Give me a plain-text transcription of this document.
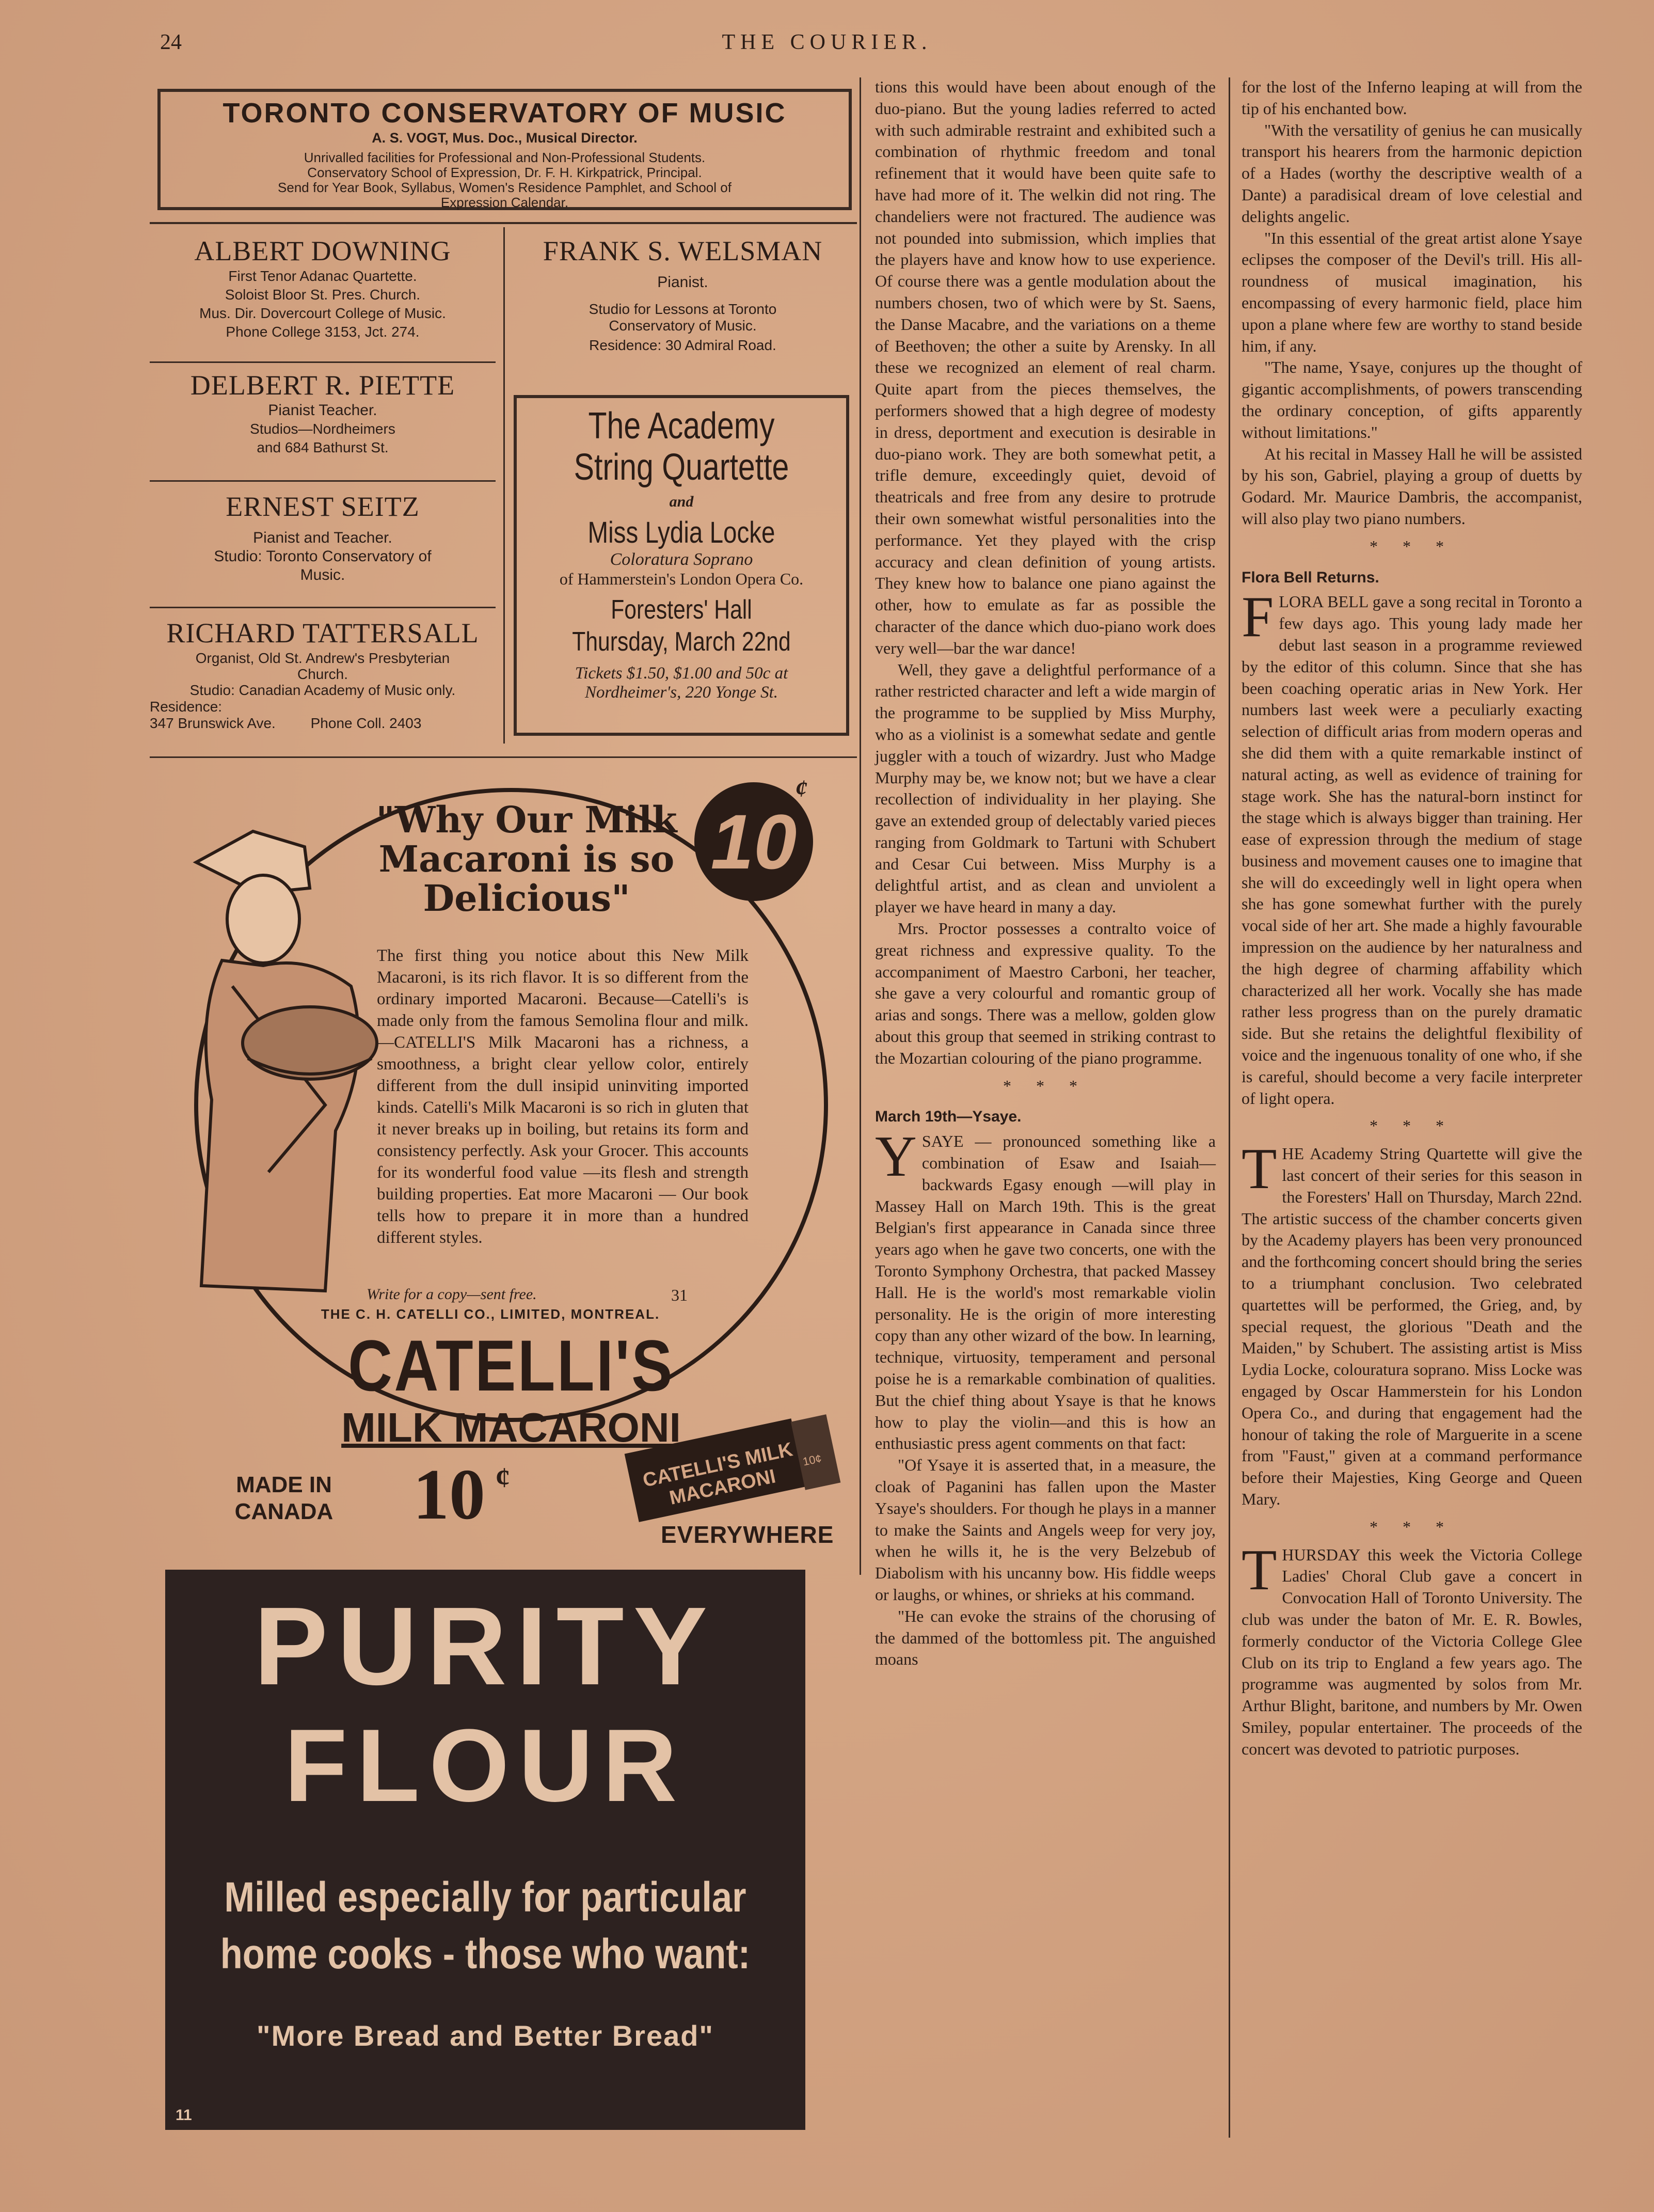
24	THE COURIER.
TORONTO CONSERVATORY OF MUSIC
A. S. VOGT, Mus. Doc., Musical Director.
Unrivalled facilities for Professional and Non-Professional Students.
Conservatory School of Expression, Dr. F. H. Kirkpatrick, Principal.
Send for Year Book, Syllabus, Women's Residence Pamphlet, and School of
Expression Calendar.
ALBERT DOWNING

First Tenor Adanac Quartette.

Soloist Bloor St. Pres. Church.

Mus. Dir. Dovercourt College of Music.

Phone College 3153, Jct. 274.

DELBERT R. PIETTE

Pianist Teacher.

Studios—Nordheimers

and 684 Bathurst St.

ERNEST SEITZ

Pianist and Teacher.

Studio: Toronto Conservatory of

Music.

RICHARD TATTERSALL

Organist, Old St. Andrew's Presbyterian

Church.

Studio: Canadian Academy of Music only.

Residence:

347 Brunswick Ave. Phone Coll. 2403

FRANK S. WELSMAN

Pianist.

Studio for Lessons at Toronto

Conservatory of Music.

Residence: 30 Admiral Road.

The Academy
String Quartette
and
Miss Lydia Locke
Coloratura Soprano
of Hammerstein's London Opera Co.
Foresters' Hall
Thursday, March 22nd
Tickets $1.50, $1.00 and 50c at
Nordheimer's, 220 Yonge St.
"Why Our Milk Macaroni is so Delicious"
10
¢
The first thing you notice about this New Milk Macaroni, is its rich flavor. It is so different from the ordinary imported Macaroni. Because—Catelli's is made only from the famous Semolina flour and milk.—CATELLI'S Milk Macaroni has a richness, a smoothness, a bright clear yellow color, entirely different from the dull insipid uninviting imported kinds. Catelli's Milk Macaroni is so rich in gluten that it never breaks up in boiling, but retains its form and consistency perfectly. Ask your Grocer. This accounts for its wonderful food value —its flesh and strength building properties. Eat more Macaroni — Our book tells how to prepare it in more than a hundred different styles.
Write for a copy—sent free.	31
THE C. H. CATELLI CO., LIMITED, MONTREAL.
CATELLI'S
MILK MACARONI
MADE IN
CANADA 10 ¢	CATELLI'S MILK MACARONI
10¢
EVERYWHERE
PURITY
FLOUR
Milled especially for particular
home cooks - those who want:
"More Bread and Better Bread"
11

tions this would have been about enough of the duo-piano. But the young ladies referred to acted with such admirable restraint and exhibited such a combination of rhythmic freedom and tonal refinement that it would have been quite safe to have had more of it. The welkin did not ring. The chandeliers were not fractured. The audience was not pounded into submission, which implies that the players have and know how to use experience. Of course there was a gentle modulation about the numbers chosen, two of which were by St. Saens, the Danse Macabre, and the variations on a theme of Beethoven; the other a suite by Arensky. In all these we recognized an element of real charm. Quite apart from the pieces themselves, the performers showed that a high degree of modesty in dress, deportment and execution is desirable in duo-piano work. They are both somewhat petit, a trifle demure, exceedingly quiet, devoid of theatricals and free from any desire to protrude their own somewhat wistful personalities into the performance. Yet they played with the crisp accuracy and clean definition of young artists. They knew how to balance one piano against the other, how to emulate as far as possible the character of the dance which duo-piano work does very well—bar the war dance!

Well, they gave a delightful performance of a rather restricted character and left a wide margin of the programme to be supplied by Miss Murphy, who as a violinist is a somewhat sedate and gentle juggler with a touch of wizardry. Just who Madge Murphy may be, we know not; but we have a clear recollection of individuality in her playing. She gave an extended group of delectably varied pieces ranging from Goldmark to Tartuni with Schubert and Cesar Cui between. Miss Murphy is a delightful artist, and as clean and unviolent a player we have heard in many a day.

Mrs. Proctor possesses a contralto voice of great richness and expressive quality. To the accompaniment of Maestro Carboni, her teacher, she gave a very colourful and romantic group of arias and songs. There was a mellow, golden glow about this group that seemed in striking contrast to the Mozartian colouring of the piano programme.

* * *

March 19th—Ysaye.

YSAYE — pronounced something like a combination of Esaw and Isaiah—backwards Egasy enough —will play in Massey Hall on March 19th. This is the great Belgian's first appearance in Canada since three years ago when he gave two concerts, one with the Toronto Symphony Orchestra, that packed Massey Hall. He is the world's most remarkable violin personality. He is the origin of more interesting copy than any other wizard of the bow. In learning, technique, virtuosity, temperament and personal poise he is a remarkable combination of qualities. But the chief thing about Ysaye is that he knows how to play the violin—and this is how an enthusiastic press agent comments on that fact:

"Of Ysaye it is asserted that, in a measure, the cloak of Paganini has fallen upon the Master Ysaye's shoulders. For though he plays in a manner to make the Saints and Angels weep for very joy, when he wills it, he is the very Belzebub of Diabolism with his uncanny bow. His fiddle weeps or laughs, or whines, or shrieks at his command.

"He can evoke the strains of the chorusing of the dammed of the bottomless pit. The anguished moans

for the lost of the Inferno leaping at will from the tip of his enchanted bow.

"With the versatility of genius he can musically transport his hearers from the harmonic depiction of a Hades (worthy the descriptive wealth of a Dante) a paradisical dream of love celestial and delights angelic.

"In this essential of the great artist alone Ysaye eclipses the composer of the Devil's trill. His all-roundness of musical imagination, his encompassing of every harmonic field, place him upon a plane where few are worthy to stand beside him, if any.

"The name, Ysaye, conjures up the thought of gigantic accomplishments, of powers transcending the ordinary conception, of gifts apparently without limitations."

At his recital in Massey Hall he will be assisted by his son, Gabriel, playing a group of duetts by Godard. Mr. Maurice Dambris, the accompanist, will also play two piano numbers.

* * *

Flora Bell Returns.

FLORA BELL gave a song recital in Toronto a few days ago. This young lady made her debut last season in a programme reviewed by the editor of this column. Since that she has been coaching operatic arias in New York. Her numbers last week were a peculiarly exacting selection of difficult arias from modern operas and she did them with a quite remarkable instinct of natural acting, as well as evidence of training for stage work. She has the natural-born instinct for the stage which is always bigger than training. Her ease of expression through the medium of stage business and movement causes one to imagine that she will do exceedingly well in light opera when she has gone somewhat further with the purely vocal side of her art. She made a highly favourable impression on the audience by her naturalness and the high degree of charming affability which characterized all her work. Vocally she has made rather less progress than on the purely dramatic side. But she retains the delightful flexibility of voice and the ingenuous tonality of one who, if she is careful, should become a very facile interpreter of light opera.

* * *

THE Academy String Quartette will give the last concert of their series for this season in the Foresters' Hall on Thursday, March 22nd. The artistic success of the chamber concerts given by the Academy players has been very pronounced and the forthcoming concert should bring the series to a triumphant conclusion. Two celebrated quartettes will be performed, the Grieg, and, by special request, the glorious "Death and the Maiden," by Schubert. The assisting artist is Miss Lydia Locke, colouratura soprano. Miss Locke was engaged by Oscar Hammerstein for his London Opera Co., and during that engagement had the honour of taking the role of Marguerite in a scene from "Faust," given at a command performance before their Majesties, King George and Queen Mary.

* * *

THURSDAY this week the Victoria College Ladies' Choral Club gave a concert in Convocation Hall of Toronto University. The club was under the baton of Mr. E. R. Bowles, formerly conductor of the Victoria College Glee Club on its trip to England a few years ago. The programme was augmented by solos from Mr. Arthur Blight, baritone, and numbers by Mr. Owen Smiley, popular entertainer. The proceeds of the concert was devoted to patriotic purposes.
